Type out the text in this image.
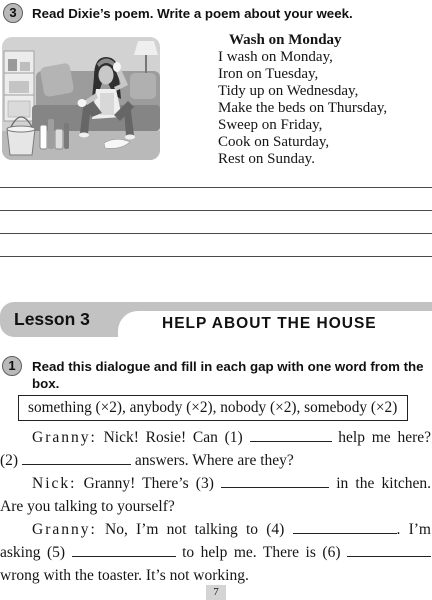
3	Read Dixie’s poem. Write a poem about your week.
Wash on Monday
I wash on Monday,
Iron on Tuesday,
Tidy up on Wednesday,
Make the beds on Thursday,
Sweep on Friday,
Cook on Saturday,
Rest on Sunday.
Lesson 3	HELP ABOUT THE HOUSE
1	Read this dialogue and fill in each gap with one word from the box.
something (×2), anybody (×2), nobody (×2), somebody (×2)
Granny: Nick! Rosie! Can (1)	help me here?
(2)	answers. Where are they?
Nick: Granny! There’s (3)	in the kitchen.
Are you talking to yourself?
Granny: No, I’m not talking to (4)	. I’m
asking (5)	to help me. There is (6)
wrong with the toaster. It’s not working.
7
